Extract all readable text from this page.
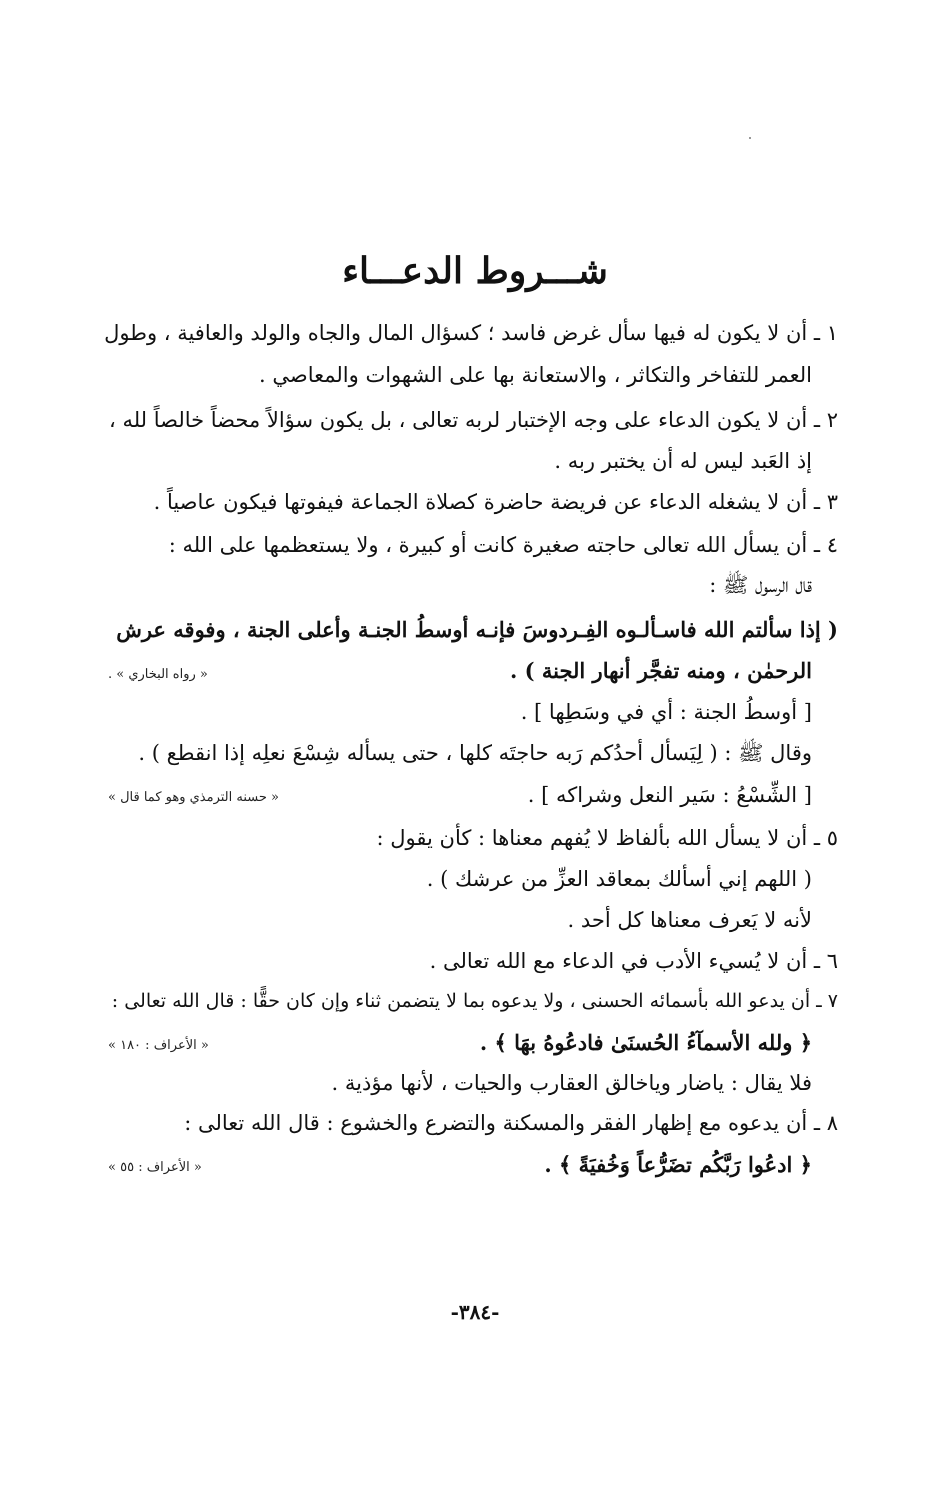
شـــروط الدعـــاء
١ ـ أن لا يكون له فيها سأل غرض فاسد ؛ كسؤال المال والجاه والولد والعافية ، وطول
العمر للتفاخر والتكاثر ، والاستعانة بها على الشهوات والمعاصي .
٢ ـ أن لا يكون الدعاء على وجه الإختبار لربه تعالى ، بل يكون سؤالاً محضاً خالصاً لله ،
إذ العَبد ليس له أن يختبر ربه .
٣ ـ أن لا يشغله الدعاء عن فريضة حاضرة كصلاة الجماعة فيفوتها فيكون عاصياً .
٤ ـ أن يسأل الله تعالى حاجته صغيرة كانت أو كبيرة ، ولا يستعظمها على الله :
قال الرسول ﷺ :
( إذا سألتم الله فاسـألـوه الفِـردوسَ فإنـه أوسطُ الجنـة وأعلى الجنة ، وفوقه عرش
الرحمٰن ، ومنه تفجَّر أنهار الجنة ) .
« رواه البخاري » .
[ أوسطُ الجنة : أي في وسَطِها ] .
وقال ﷺ : ( لِيَسأل أحدُكم رَبه حاجتَه كلها ، حتى يسأله شِسْعَ نعلِه إذا انقطع ) .
[ الشِّسْعُ : سَير النعل وشراكه ] .
« حسنه الترمذي وهو كما قال »
٥ ـ أن لا يسأل الله بألفاظ لا يُفهم معناها : كأن يقول :
( اللهم إني أسألك بمعاقد العزِّ من عرشك ) .
لأنه لا يَعرف معناها كل أحد .
٦ ـ أن لا يُسيء الأدب في الدعاء مع الله تعالى .
٧ ـ أن يدعو الله بأسمائه الحسنى ، ولا يدعوه بما لا يتضمن ثناء وإن كان حقًّا : قال الله تعالى :
﴿ ولله الأسمآءُ الحُسنَىٰ فادعُوهُ بهَا ﴾ .
« الأعراف : ١٨٠ »
فلا يقال : ياضار وياخالق العقارب والحيات ، لأنها مؤذية .
٨ ـ أن يدعوه مع إظهار الفقر والمسكنة والتضرع والخشوع : قال الله تعالى :
﴿ ادعُوا رَبَّكُم تضَرُّعاً وَخُفيَةً ﴾ .
« الأعراف : ٥٥ »
-٣٨٤-
